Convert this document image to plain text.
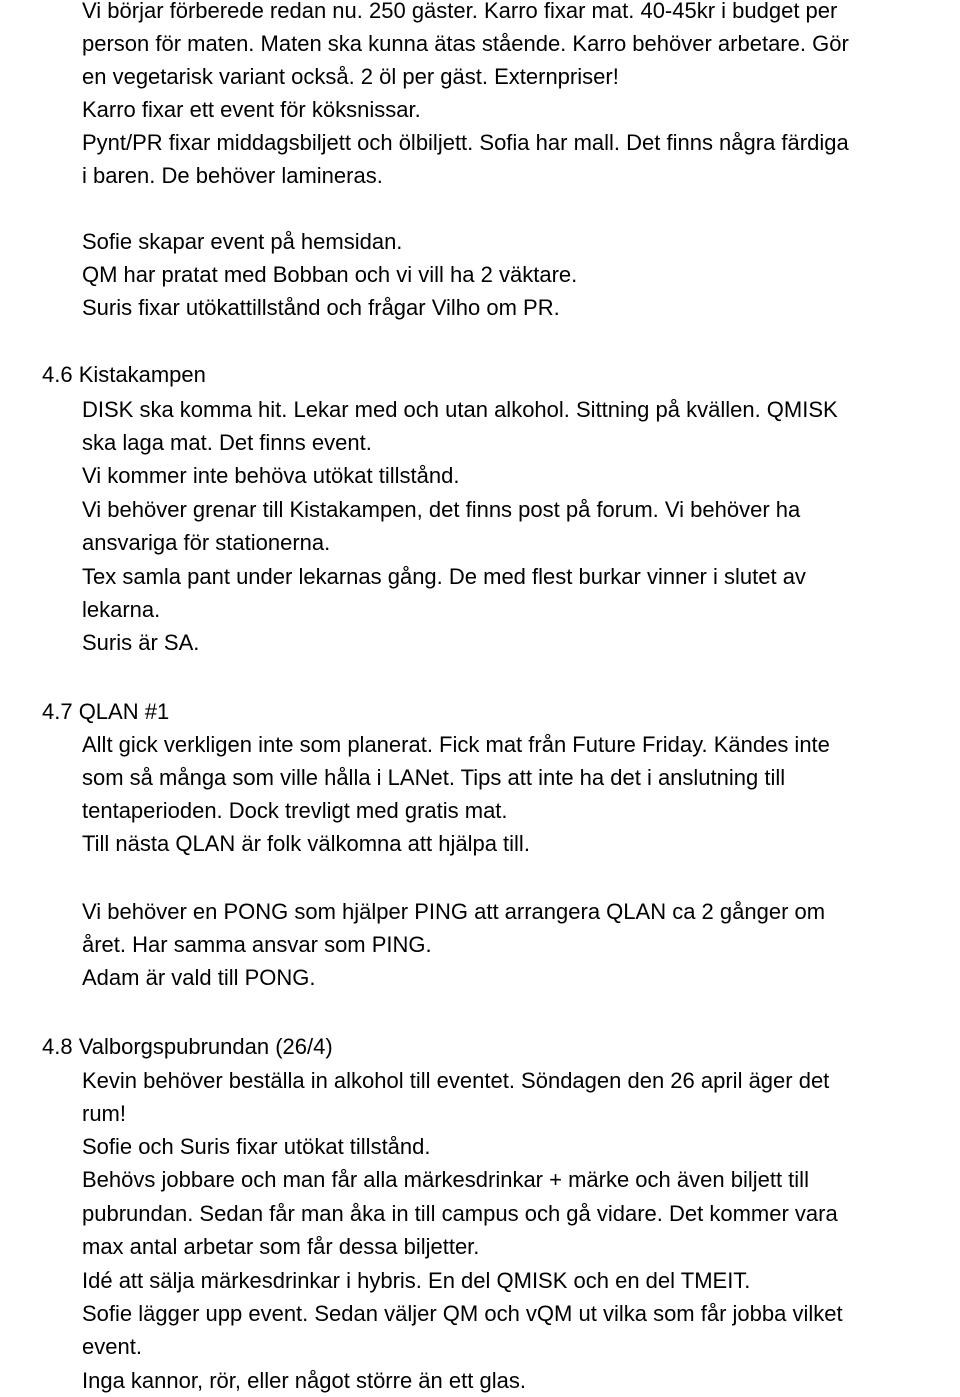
Vi börjar förberede redan nu. 250 gäster. Karro fixar mat. 40-45kr i budget per
person för maten. Maten ska kunna ätas stående. Karro behöver arbetare. Gör
en vegetarisk variant också. 2 öl per gäst. Externpriser!
Karro fixar ett event för köksnissar.
Pynt/PR fixar middagsbiljett och ölbiljett. Sofia har mall. Det finns några färdiga
i baren. De behöver lamineras.
Sofie skapar event på hemsidan.
QM har pratat med Bobban och vi vill ha 2 väktare.
Suris fixar utökattillstånd och frågar Vilho om PR.
4.6 Kistakampen
DISK ska komma hit. Lekar med och utan alkohol. Sittning på kvällen. QMISK
ska laga mat. Det finns event.
Vi kommer inte behöva utökat tillstånd.
Vi behöver grenar till Kistakampen, det finns post på forum. Vi behöver ha
ansvariga för stationerna.
Tex samla pant under lekarnas gång. De med flest burkar vinner i slutet av
lekarna.
Suris är SA.
4.7 QLAN #1
Allt gick verkligen inte som planerat. Fick mat från Future Friday. Kändes inte
som så många som ville hålla i LANet. Tips att inte ha det i anslutning till
tentaperioden. Dock trevligt med gratis mat.
Till nästa QLAN är folk välkomna att hjälpa till.
Vi behöver en PONG som hjälper PING att arrangera QLAN ca 2 gånger om
året. Har samma ansvar som PING.
Adam är vald till PONG.
4.8 Valborgspubrundan (26/4)
Kevin behöver beställa in alkohol till eventet. Söndagen den 26 april äger det
rum!
Sofie och Suris fixar utökat tillstånd.
Behövs jobbare och man får alla märkesdrinkar + märke och även biljett till
pubrundan. Sedan får man åka in till campus och gå vidare. Det kommer vara
max antal arbetar som får dessa biljetter.
Idé att sälja märkesdrinkar i hybris. En del QMISK och en del TMEIT.
Sofie lägger upp event. Sedan väljer QM och vQM ut vilka som får jobba vilket
event.
Inga kannor, rör, eller något större än ett glas.
